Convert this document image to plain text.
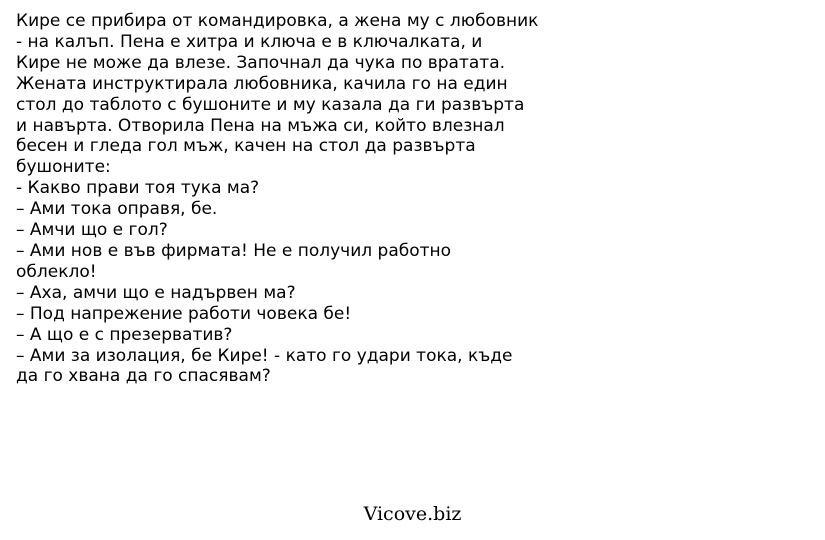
Кире се прибира от командировка, а жена му с любовник
- на калъп. Пена е хитра и ключа е в ключалката, и
Кире не може да влезе. Започнал да чука по вратата.
Жената инструктирала любовника, качила го на един
стол до таблото с бушоните и му казала да ги развърта
и навърта. Отворила Пена на мъжа си, който влезнал
бесен и гледа гол мъж, качен на стол да развърта
бушоните:
- Какво прави тоя тука ма?
– Ами тока оправя, бе.
– Амчи що е гол?
– Ами нов е във фирмата! Не е получил работно
облекло!
– Аха, амчи що е надървен ма?
– Под напрежение работи човека бе!
– А що е с презерватив?
– Ами за изолация, бе Кире! - като го удари тока, къде
да го хвана да го спасявам?
Vicove.biz
